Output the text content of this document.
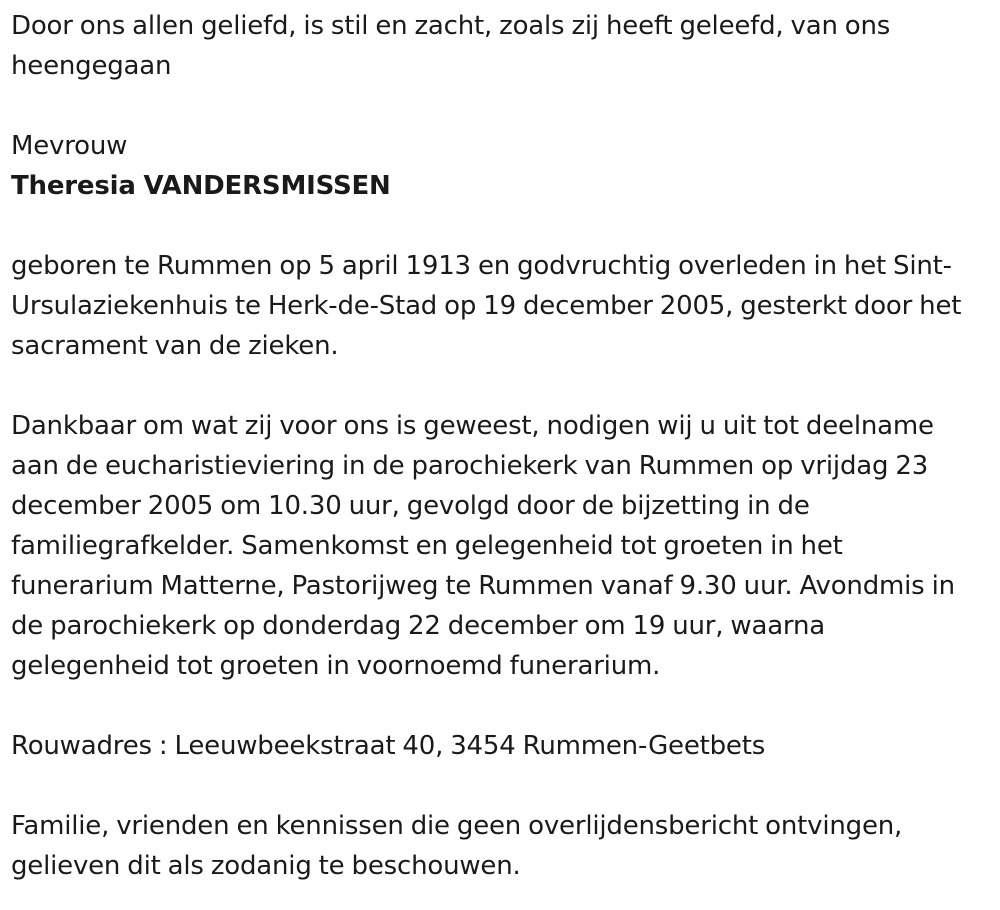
Door ons allen geliefd, is stil en zacht, zoals zij heeft geleefd, van ons heengegaan

Mevrouw

Theresia VANDERSMISSEN

geboren te Rummen op 5 april 1913 en godvruchtig overleden in het Sint-Ursulaziekenhuis te Herk-de-Stad op 19 december 2005, gesterkt door het sacrament van de zieken.

Dankbaar om wat zij voor ons is geweest, nodigen wij u uit tot deelname aan de eucharistieviering in de parochiekerk van Rummen op vrijdag 23 december 2005 om 10.30 uur, gevolgd door de bijzetting in de familiegrafkelder. Samenkomst en gelegenheid tot groeten in het funerarium Matterne, Pastorijweg te Rummen vanaf 9.30 uur. Avondmis in de parochiekerk op donderdag 22 december om 19 uur, waarna gelegenheid tot groeten in voornoemd funerarium.

Rouwadres : Leeuwbeekstraat 40, 3454 Rummen-Geetbets

Familie, vrienden en kennissen die geen overlijdensbericht ontvingen, gelieven dit als zodanig te beschouwen.
